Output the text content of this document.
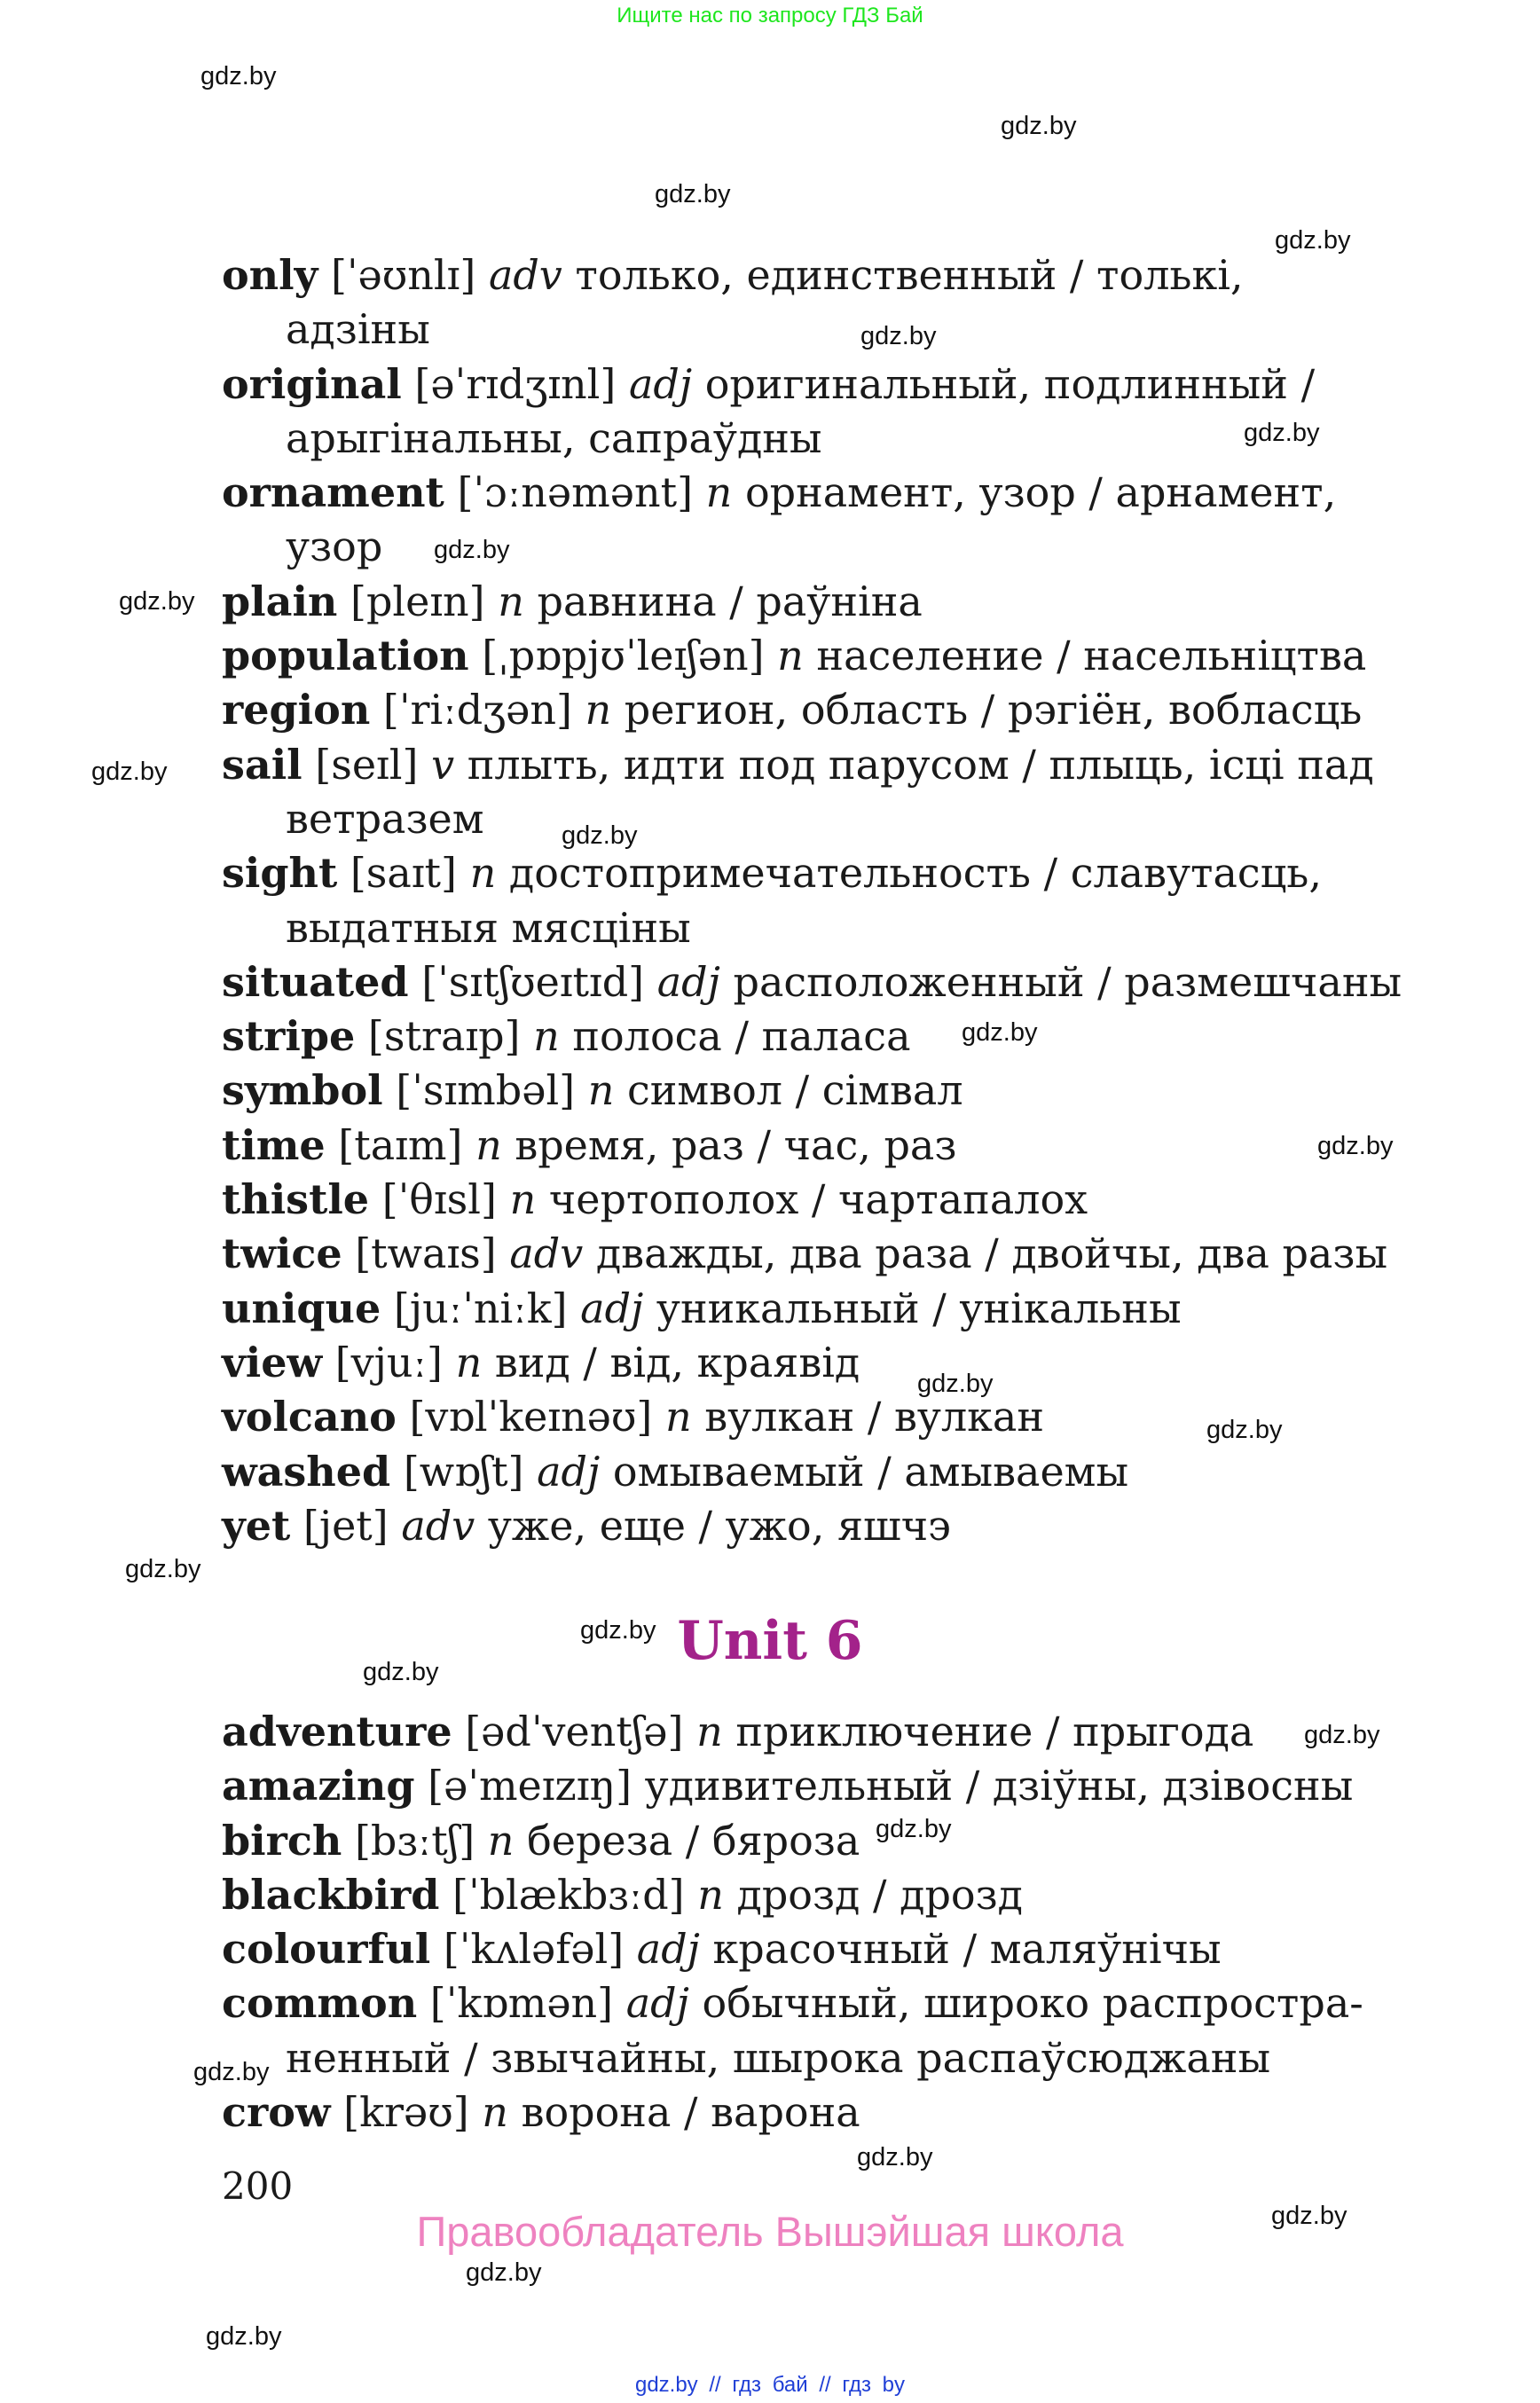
Ищите нас по запросу ГДЗ Бай
only [ˈəʊnlɪ] adv только, единственный / толькі,
адзіны
original [əˈrɪdʒɪnl] adj оригинальный, подлинный /
арыгінальны, сапраўдны
ornament [ˈɔːnəmənt] n орнамент, узор / арнамент,
узор
plain [pleɪn] n равнина / раўніна
population [ˌpɒpjʊˈleɪʃən] n население / насельніцтва
region [ˈriːdʒən] n регион, область / рэгіён, вобласць
sail [seɪl] v плыть, идти под парусом / плыць, ісці пад
ветразем
sight [saɪt] n достопримечательность / славутасць,
выдатныя мясціны
situated [ˈsɪtʃʊeɪtɪd] adj расположенный / размешчаны
stripe [straɪp] n полоса / паласа
symbol [ˈsɪmbəl] n символ / сімвал
time [taɪm] n время, раз / час, раз
thistle [ˈθɪsl] n чертополох / чартапалох
twice [twaɪs] adv дважды, два раза / двойчы, два разы
unique [juːˈniːk] adj уникальный / унікальны
view [vjuː] n вид / від, краявід
volcano [vɒlˈkeɪnəʊ] n вулкан / вулкан
washed [wɒʃt] adj омываемый / амываемы
yet [jet] adv уже, еще / ужо, яшчэ
Unit 6
adventure [ədˈventʃə] n приключение / прыгода
amazing [əˈmeɪzɪŋ] удивительный / дзіўны, дзівосны
birch [bɜːtʃ] n береза / бяроза
blackbird [ˈblækbɜːd] n дрозд / дрозд
colourful [ˈkʌləfəl] adj красочный / маляўнічы
common [ˈkɒmən] adj обычный, широко распростра-
ненный / звычайны, шырока распаўсюджаны
crow [krəʊ] n ворона / варона
200
Правообладатель Вышэйшая школа
gdz.by
gdz.by
gdz.by
gdz.by
gdz.by
gdz.by
gdz.by
gdz.by
gdz.by
gdz.by
gdz.by
gdz.by
gdz.by
gdz.by
gdz.by
gdz.by
gdz.by
gdz.by
gdz.by
gdz.by
gdz.by
gdz.by
gdz.by
gdz.by
gdz.by // гдз бай // гдз by
